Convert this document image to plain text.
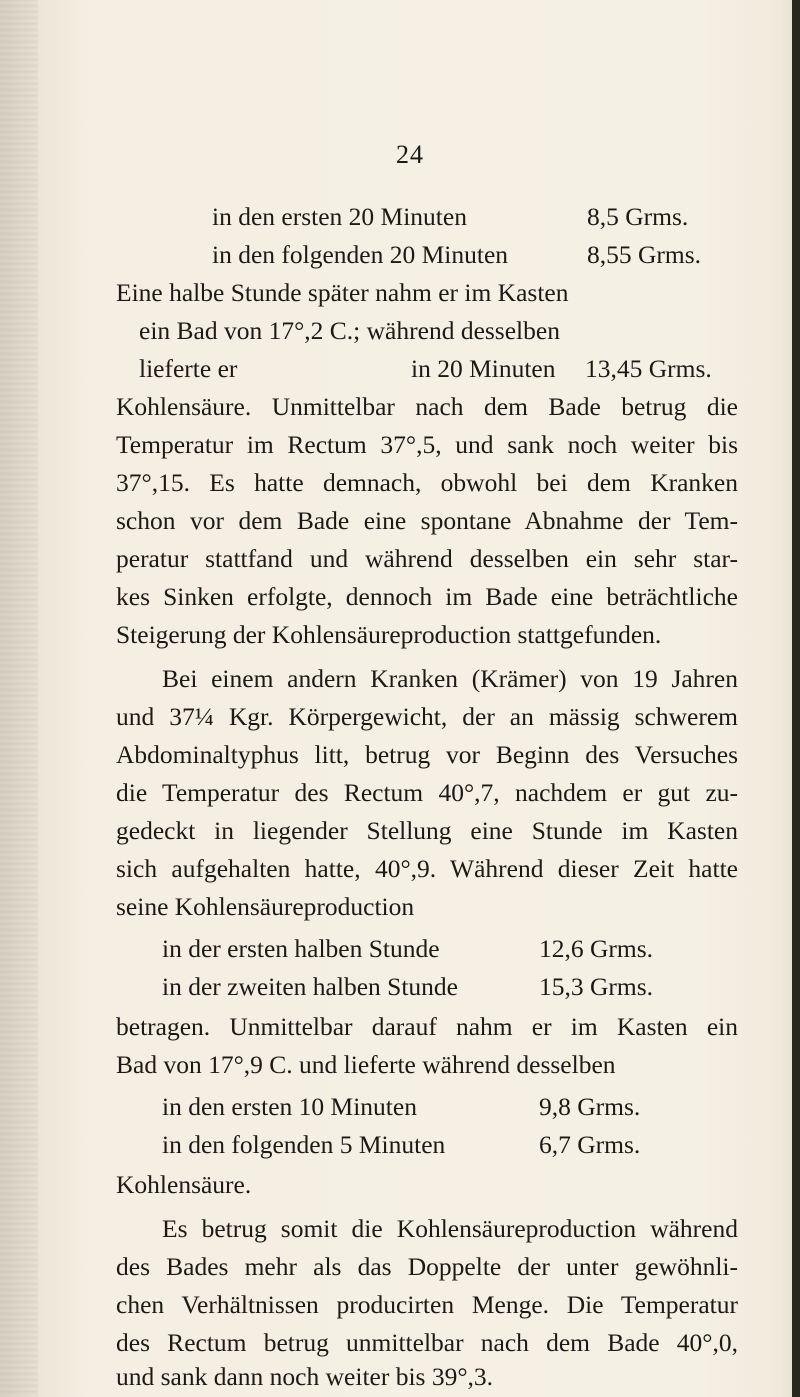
24
in den ersten 20 Minuten	8,5 Grms.
in den folgenden 20 Minuten	8,55 Grms.
Eine halbe Stunde später nahm er im Kasten
ein Bad von 17°,2 C.; während desselben
lieferte er	in 20 Minuten 13,45 Grms.
Kohlensäure. Unmittelbar nach dem Bade betrug die
Temperatur im Rectum 37°,5, und sank noch weiter bis
37°,15. Es hatte demnach, obwohl bei dem Kranken
schon vor dem Bade eine spontane Abnahme der Tem-
peratur stattfand und während desselben ein sehr star-
kes Sinken erfolgte, dennoch im Bade eine beträchtliche
Steigerung der Kohlensäureproduction stattgefunden.
Bei einem andern Kranken (Krämer) von 19 Jahren
und 37¼ Kgr. Körpergewicht, der an mässig schwerem
Abdominaltyphus litt, betrug vor Beginn des Versuches
die Temperatur des Rectum 40°,7, nachdem er gut zu-
gedeckt in liegender Stellung eine Stunde im Kasten
sich aufgehalten hatte, 40°,9. Während dieser Zeit hatte
seine Kohlensäureproduction
in der ersten halben Stunde	12,6 Grms.
in der zweiten halben Stunde	15,3 Grms.
betragen. Unmittelbar darauf nahm er im Kasten ein
Bad von 17°,9 C. und lieferte während desselben
in den ersten 10 Minuten	9,8 Grms.
in den folgenden 5 Minuten	6,7 Grms.
Kohlensäure.
Es betrug somit die Kohlensäureproduction während
des Bades mehr als das Doppelte der unter gewöhnli-
chen Verhältnissen producirten Menge. Die Temperatur
des Rectum betrug unmittelbar nach dem Bade 40°,0,
und sank dann noch weiter bis 39°,3.
